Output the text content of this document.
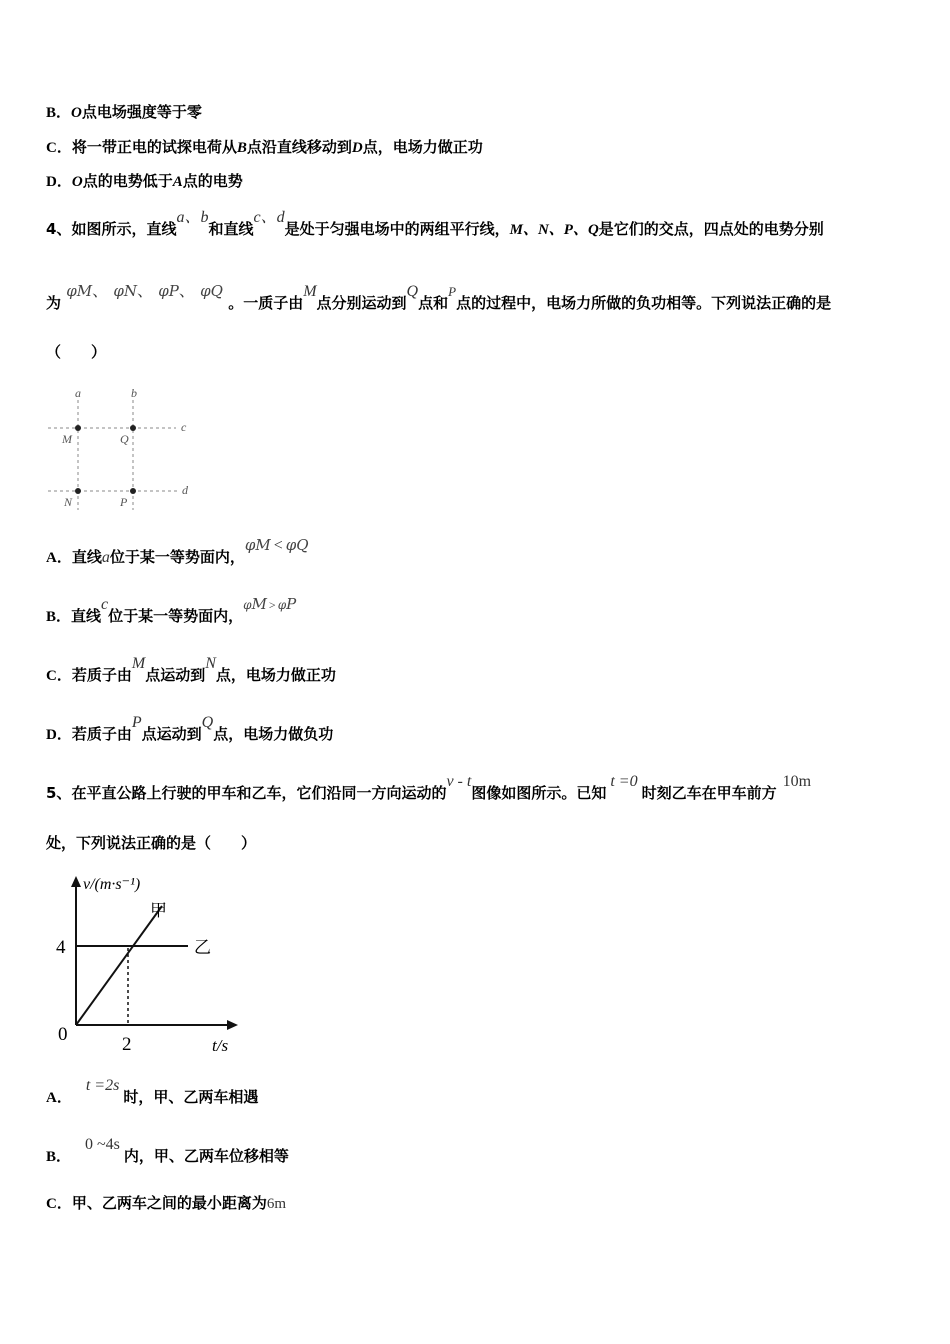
B．O点电场强度等于零
C．将一带正电的试探电荷从B点沿直线移动到D点，电场力做正功
D．O点的电势低于A点的电势
4、如图所示，直线a、b和直线c、d是处于匀强电场中的两组平行线，M、N、P、Q是它们的交点，四点处的电势分别
为 φM、 φN、 φP、 φQ 。一质子由M点分别运动到Q点和P点的过程中，电场力所做的负功相等。下列说法正确的是
（　　）
a	b
c
d
M	Q
N	P
A．直线a位于某一等势面内，φM < φQ
B．直线c位于某一等势面内，$^{\varphi M > \varphi P}$
C．若质子由M点运动到N点，电场力做正功
D．若质子由P点运动到Q点，电场力做负功
5、在平直公路上行驶的甲车和乙车，它们沿同一方向运动的v - t图像如图所示。已知t =0时刻乙车在甲车前方10m
处，下列说法正确的是（　　）
v/(m·s⁻¹)
甲
乙
4
2
0
t/s
A．t =2s时，甲、乙两车相遇
B．0 ~4s内，甲、乙两车位移相等
C．甲、乙两车之间的最小距离为6m
